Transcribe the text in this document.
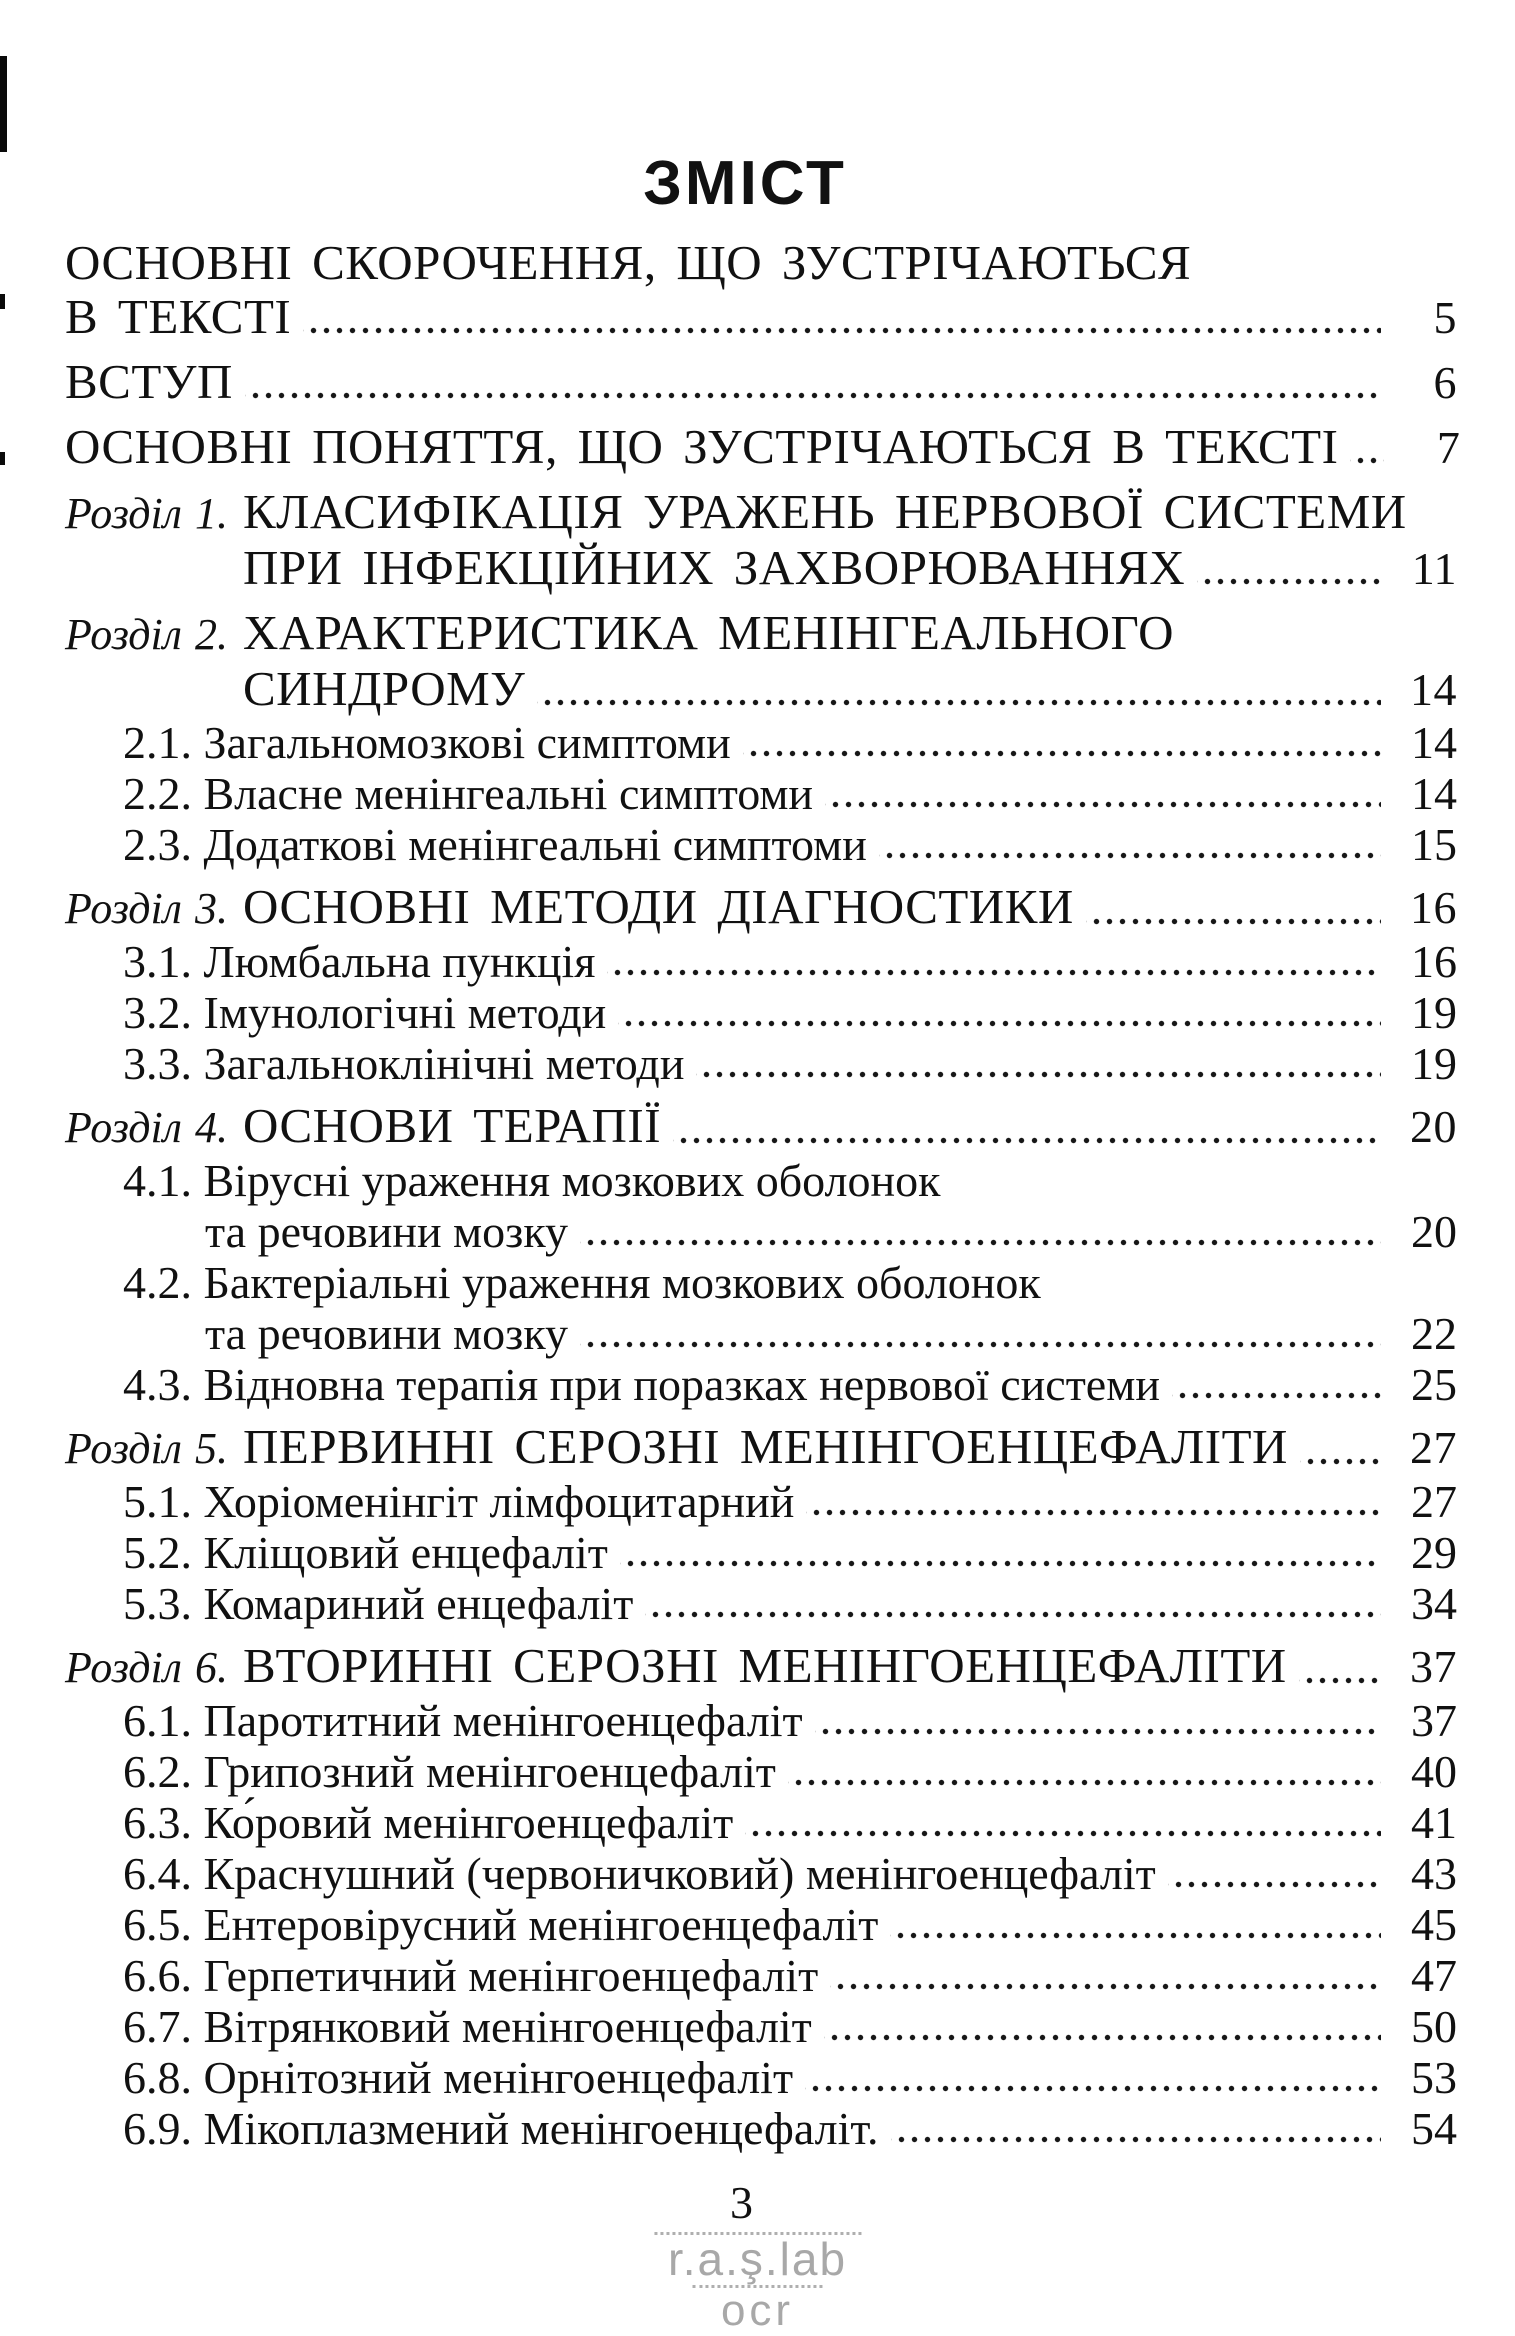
ЗМІСТ
ОСНОВНІ СКОРОЧЕННЯ, ЩО ЗУСТРІЧАЮТЬСЯ
В ТЕКСТІ	5
ВСТУП	6
ОСНОВНІ ПОНЯТТЯ, ЩО ЗУСТРІЧАЮТЬСЯ В ТЕКСТІ	7
Розділ 1. КЛАСИФІКАЦІЯ УРАЖЕНЬ НЕРВОВОЇ СИСТЕМИ
ПРИ ІНФЕКЦІЙНИХ ЗАХВОРЮВАННЯХ	11
Розділ 2. ХАРАКТЕРИСТИКА МЕНІНГЕАЛЬНОГО
СИНДРОМУ	14
2.1. Загальномозкові симптоми	14
2.2. Власне менінгеальні симптоми	14
2.3. Додаткові менінгеальні симптоми	15
Розділ 3. ОСНОВНІ МЕТОДИ ДІАГНОСТИКИ	16
3.1. Люмбальна пункція	16
3.2. Імунологічні методи	19
3.3. Загальноклінічні методи	19
Розділ 4. ОСНОВИ ТЕРАПІЇ	20
4.1. Вірусні ураження мозкових оболонок
та речовини мозку	20
4.2. Бактеріальні ураження мозкових оболонок
та речовини мозку	22
4.3. Відновна терапія при поразках нервової системи	25
Розділ 5. ПЕРВИННІ СЕРОЗНІ МЕНІНГОЕНЦЕФАЛІТИ	27
5.1. Хоріоменінгіт лімфоцитарний	27
5.2. Кліщовий енцефаліт	29
5.3. Комариний енцефаліт	34
Розділ 6. ВТОРИННІ СЕРОЗНІ МЕНІНГОЕНЦЕФАЛІТИ	37
6.1. Паротитний менінгоенцефаліт	37
6.2. Грипозний менінгоенцефаліт	40
6.3. Ко́ровий менінгоенцефаліт	41
6.4. Краснушний (червоничковий) менінгоенцефаліт	43
6.5. Ентеровірусний менінгоенцефаліт	45
6.6. Герпетичний менінгоенцефаліт	47
6.7. Вітрянковий менінгоенцефаліт	50
6.8. Орнітозний менінгоенцефаліт	53
6.9. Мікоплазмений менінгоенцефаліт.	54
3
r.a.ş.lab
ocr
